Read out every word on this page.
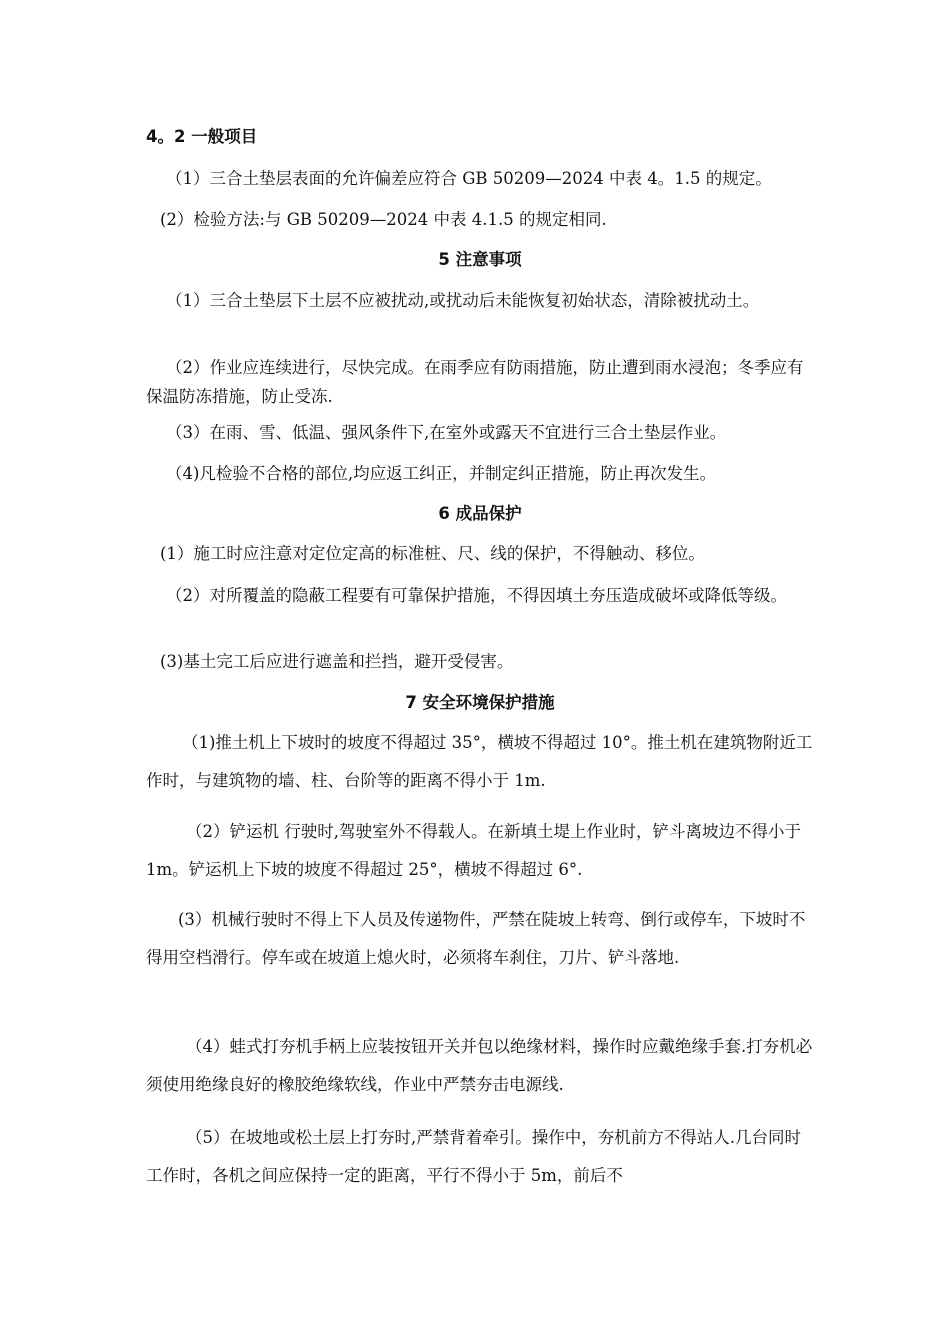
4。2 一般项目

（1）三合土垫层表面的允许偏差应符合 GB 50209—2024 中表 4。1.5 的规定。

(2）检验方法:与 GB 50209—2024 中表 4.1.5 的规定相同.

5 注意事项

（1）三合土垫层下土层不应被扰动,或扰动后未能恢复初始状态，清除被扰动土。

（2）作业应连续进行，尽快完成。在雨季应有防雨措施，防止遭到雨水浸泡；冬季应有保温防冻措施，防止受冻.

（3）在雨、雪、低温、强风条件下,在室外或露天不宜进行三合土垫层作业。

（4)凡检验不合格的部位,均应返工纠正，并制定纠正措施，防止再次发生。

6 成品保护

(1）施工时应注意对定位定高的标准桩、尺、线的保护，不得触动、移位。

（2）对所覆盖的隐蔽工程要有可靠保护措施，不得因填土夯压造成破坏或降低等级。

(3)基土完工后应进行遮盖和拦挡，避开受侵害。

7 安全环境保护措施

（1)推土机上下坡时的坡度不得超过 35°，横坡不得超过 10°。推土机在建筑物附近工作时，与建筑物的墙、柱、台阶等的距离不得小于 1m.

（2）铲运机 行驶时,驾驶室外不得载人。在新填土堤上作业时，铲斗离坡边不得小于 1m。铲运机上下坡的坡度不得超过 25°，横坡不得超过 6°.

(3）机械行驶时不得上下人员及传递物件，严禁在陡坡上转弯、倒行或停车，下坡时不得用空档滑行。停车或在坡道上熄火时，必须将车刹住，刀片、铲斗落地.

（4）蛙式打夯机手柄上应装按钮开关并包以绝缘材料，操作时应戴绝缘手套.打夯机必须使用绝缘良好的橡胶绝缘软线，作业中严禁夯击电源线.

（5）在坡地或松土层上打夯时,严禁背着牵引。操作中，夯机前方不得站人.几台同时工作时，各机之间应保持一定的距离，平行不得小于 5m，前后不
